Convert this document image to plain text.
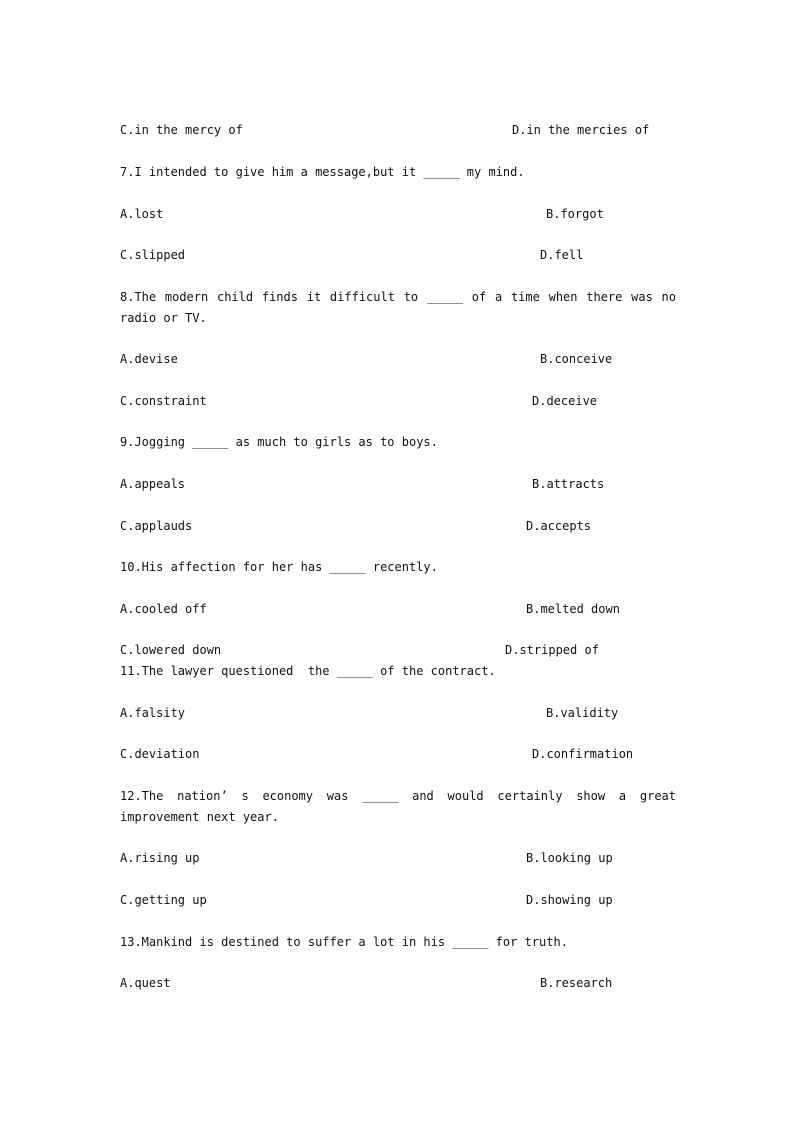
C.in the mercy of	D.in the mercies of
7.I intended to give him a message,but it _____ my mind.
A.lost	B.forgot
C.slipped	D.fell
8.The modern child finds it difficult to _____ of a time when there was no radio or TV.
A.devise	B.conceive
C.constraint	D.deceive
9.Jogging _____ as much to girls as to boys.
A.appeals	B.attracts
C.applauds	D.accepts
10.His affection for her has _____ recently.
A.cooled off	B.melted down
C.lowered down	D.stripped of
11.The lawyer questioned  the _____ of the contract.
A.falsity	B.validity
C.deviation	D.confirmation
12.The nation’ s economy was _____ and would certainly show a great improvement next year.
A.rising up	B.looking up
C.getting up	D.showing up
13.Mankind is destined to suffer a lot in his _____ for truth.
A.quest	B.research
